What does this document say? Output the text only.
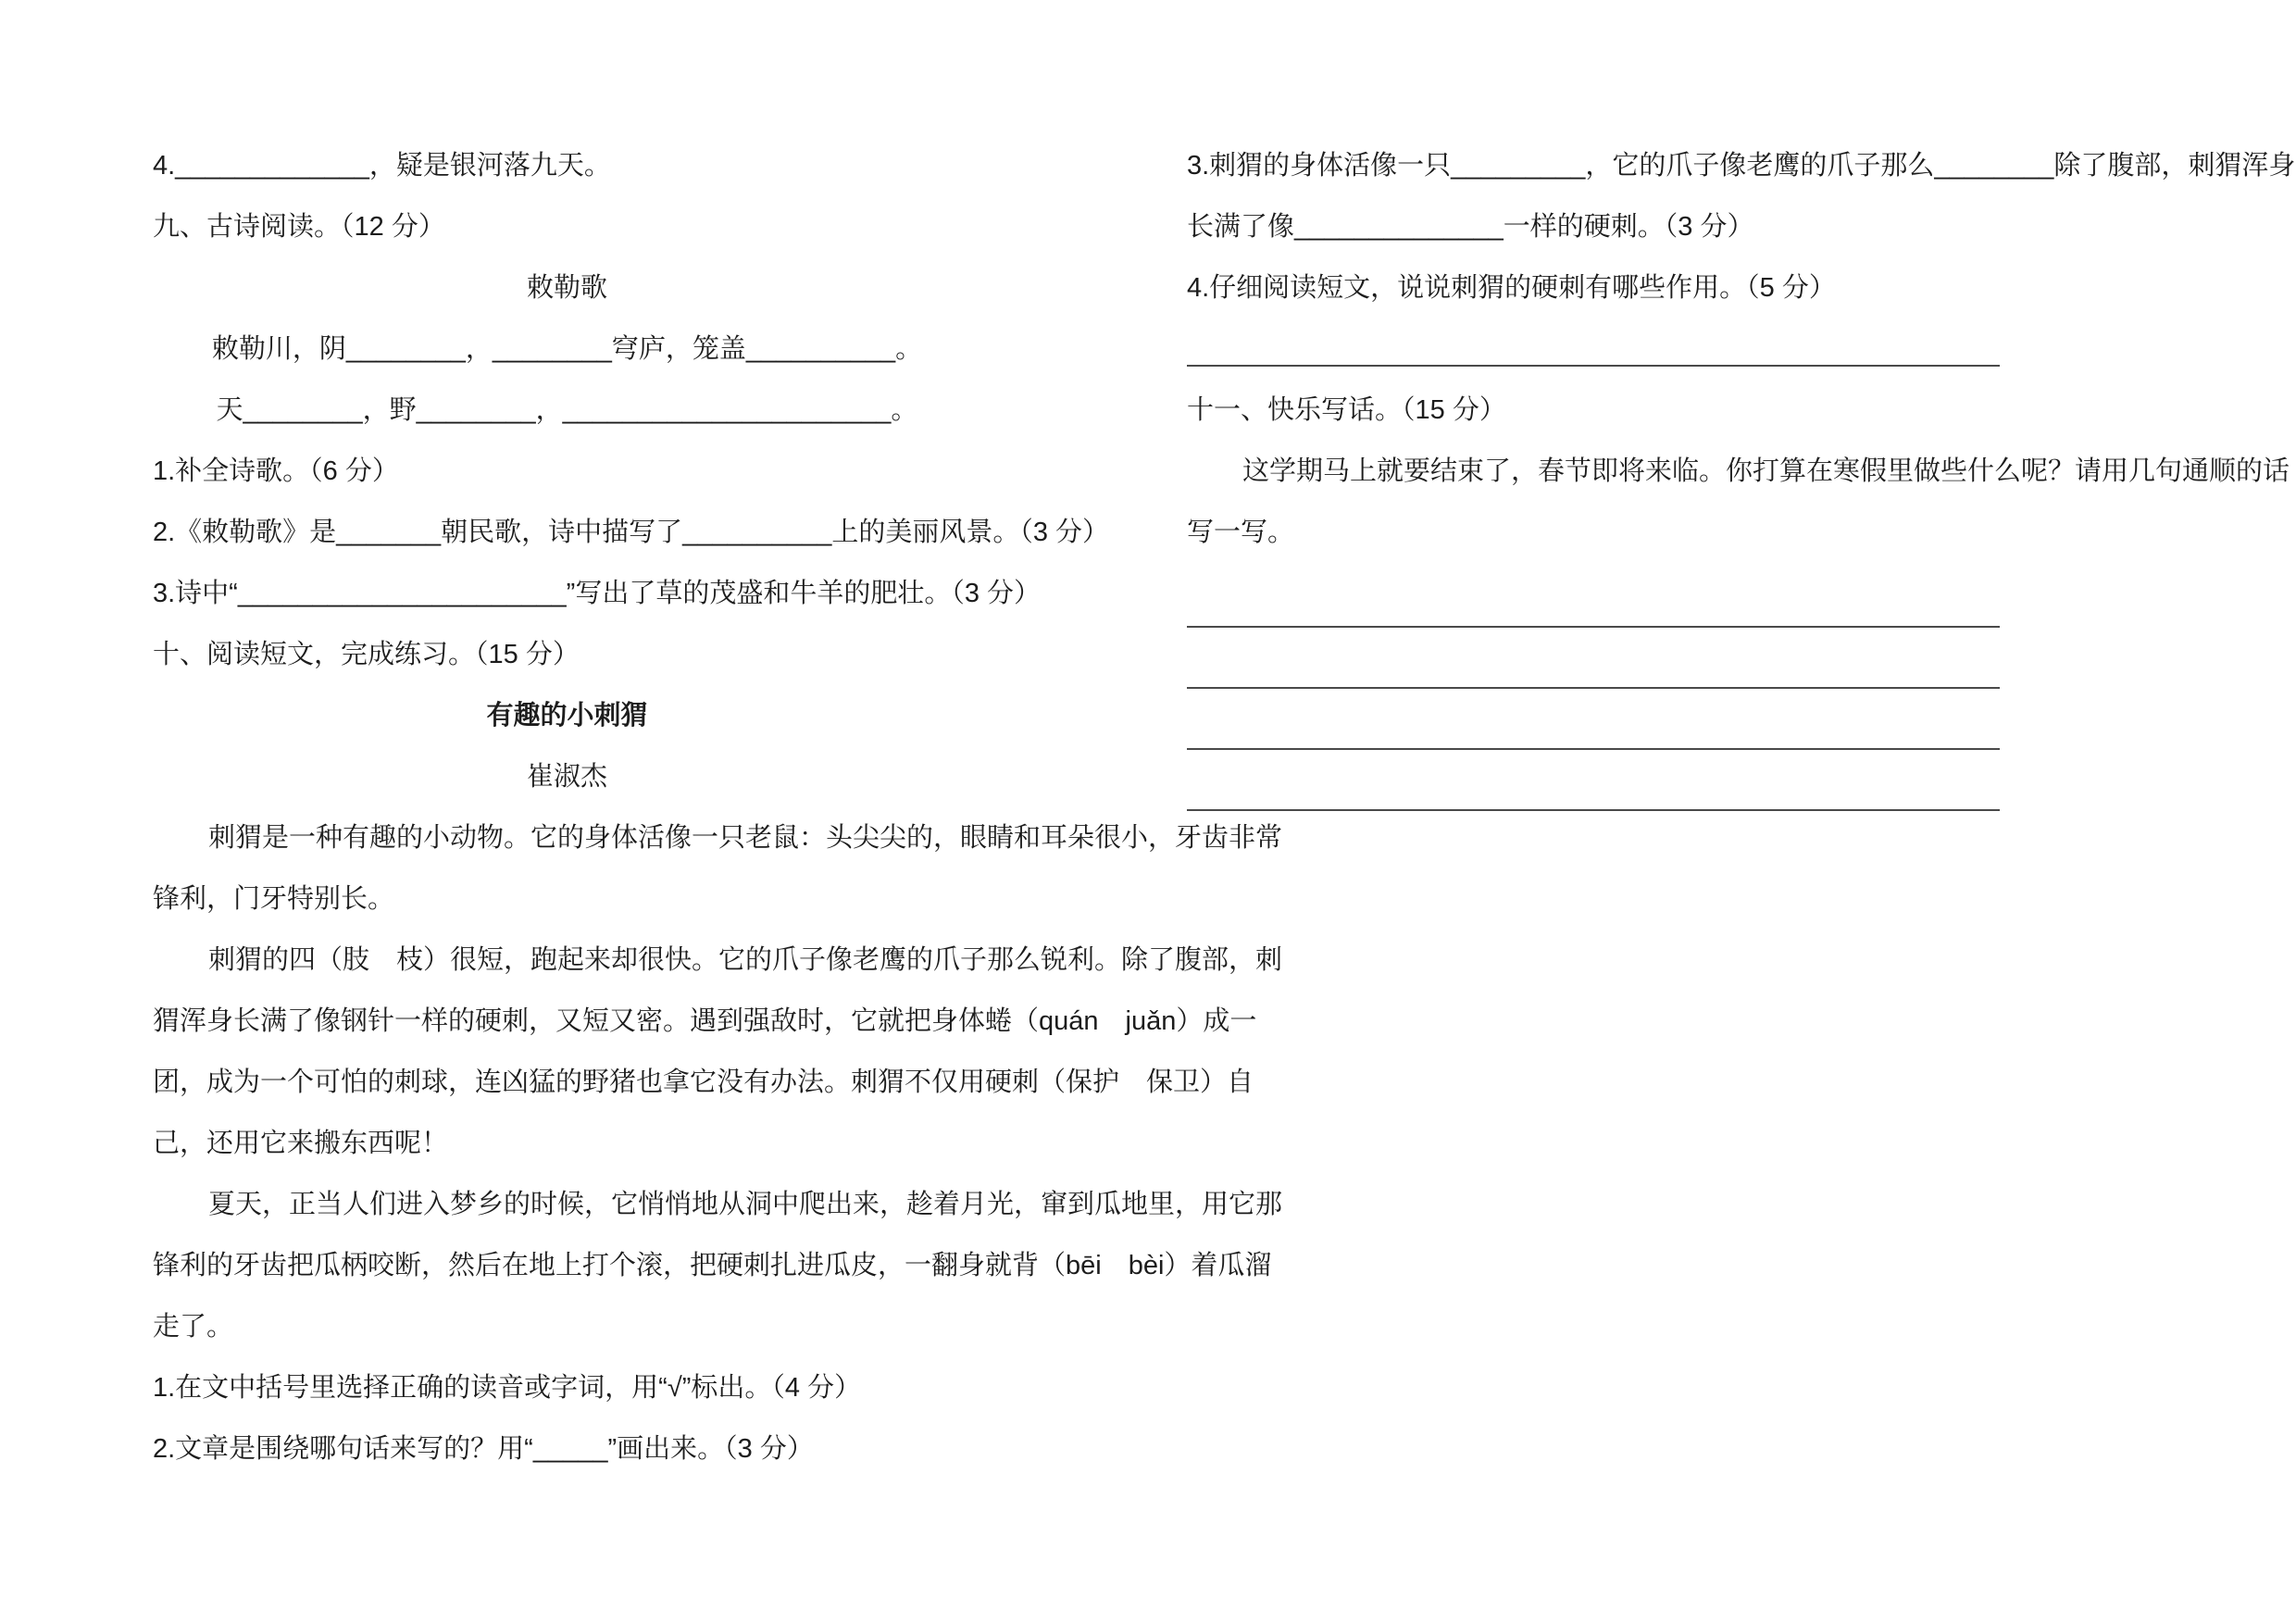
4._____________，疑是银河落九天。
九、古诗阅读。（12 分）
敕勒歌
敕勒川，阴________，________穹庐，笼盖__________。
天________，野________，______________________。
1.补全诗歌。（6 分）
2.《敕勒歌》是_______朝民歌，诗中描写了__________上的美丽风景。（3 分）
3.诗中“______________________”写出了草的茂盛和牛羊的肥壮。（3 分）
十、阅读短文，完成练习。（15 分）
有趣的小刺猬
崔淑杰
刺猬是一种有趣的小动物。它的身体活像一只老鼠：头尖尖的，眼睛和耳朵很小，牙齿非常
锋利，门牙特别长。
刺猬的四（肢　枝）很短，跑起来却很快。它的爪子像老鹰的爪子那么锐利。除了腹部，刺
猬浑身长满了像钢针一样的硬刺，又短又密。遇到强敌时，它就把身体蜷（quán　juǎn）成一
团，成为一个可怕的刺球，连凶猛的野猪也拿它没有办法。刺猬不仅用硬刺（保护　保卫）自
己，还用它来搬东西呢！
夏天，正当人们进入梦乡的时候，它悄悄地从洞中爬出来，趁着月光，窜到瓜地里，用它那
锋利的牙齿把瓜柄咬断，然后在地上打个滚，把硬刺扎进瓜皮，一翻身就背（bēi　bèi）着瓜溜
走了。
1.在文中括号里选择正确的读音或字词，用“√”标出。（4 分）
2.文章是围绕哪句话来写的？用“_____”画出来。（3 分）
3.刺猬的身体活像一只_________，它的爪子像老鹰的爪子那么________除了腹部，刺猬浑身
长满了像______________一样的硬刺。（3 分）
4.仔细阅读短文，说说刺猬的硬刺有哪些作用。（5 分）
十一、快乐写话。（15 分）
这学期马上就要结束了，春节即将来临。你打算在寒假里做些什么呢？请用几句通顺的话
写一写。
